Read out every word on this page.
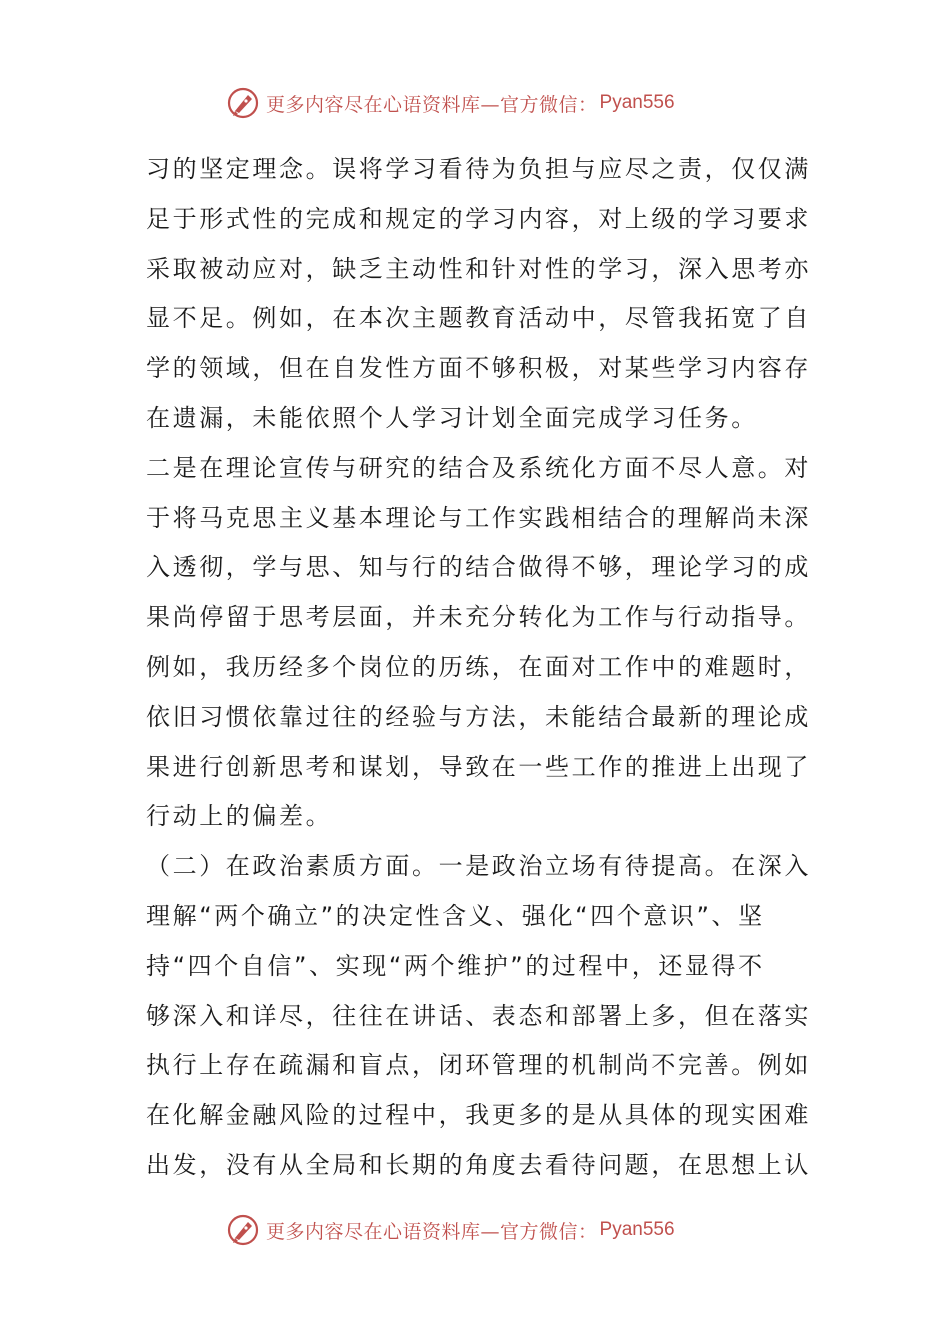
更多内容尽在心语资料库—官方微信： Pyan556
习的坚定理念。误将学习看待为负担与应尽之责，仅仅满
足于形式性的完成和规定的学习内容，对上级的学习要求
采取被动应对，缺乏主动性和针对性的学习，深入思考亦
显不足。例如，在本次主题教育活动中，尽管我拓宽了自
学的领域，但在自发性方面不够积极，对某些学习内容存
在遗漏，未能依照个人学习计划全面完成学习任务。
二是在理论宣传与研究的结合及系统化方面不尽人意。对
于将马克思主义基本理论与工作实践相结合的理解尚未深
入透彻，学与思、知与行的结合做得不够，理论学习的成
果尚停留于思考层面，并未充分转化为工作与行动指导。
例如，我历经多个岗位的历练，在面对工作中的难题时，
依旧习惯依靠过往的经验与方法，未能结合最新的理论成
果进行创新思考和谋划，导致在一些工作的推进上出现了
行动上的偏差。
（二）在政治素质方面。一是政治立场有待提高。在深入
理解“两个确立”的决定性含义、强化“四个意识”、坚
持“四个自信”、实现“两个维护”的过程中，还显得不
够深入和详尽，往往在讲话、表态和部署上多，但在落实
执行上存在疏漏和盲点，闭环管理的机制尚不完善。例如
在化解金融风险的过程中，我更多的是从具体的现实困难
出发，没有从全局和长期的角度去看待问题，在思想上认
更多内容尽在心语资料库—官方微信： Pyan556
